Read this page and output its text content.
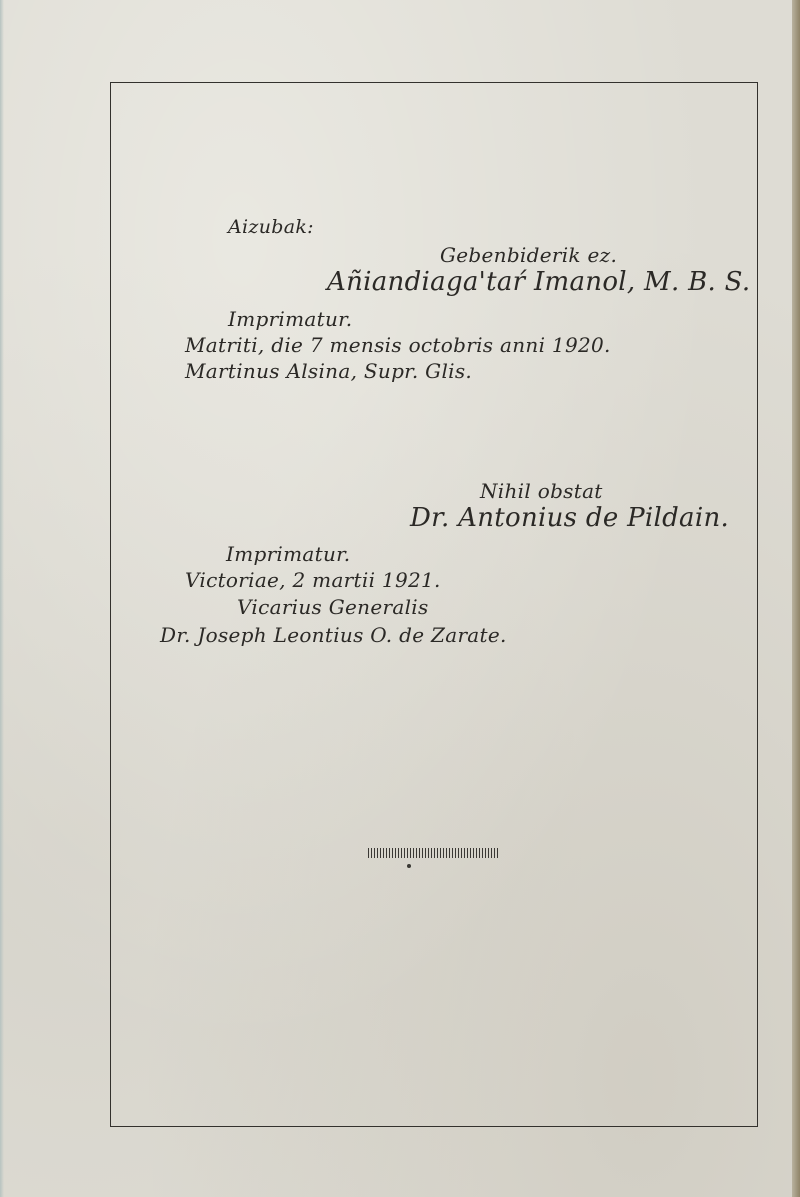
Aizubak:
Gebenbiderik ez.
Añiandiaga'taŕ Imanol, M. B. S.
Imprimatur.
Matriti, die 7 mensis octobris anni 1920.
Martinus Alsina, Supr. Glis.
Nihil obstat
Dr. Antonius de Pildain.
Imprimatur.
Victoriae, 2 martii 1921.
Vicarius Generalis
Dr. Joseph Leontius O. de Zarate.
